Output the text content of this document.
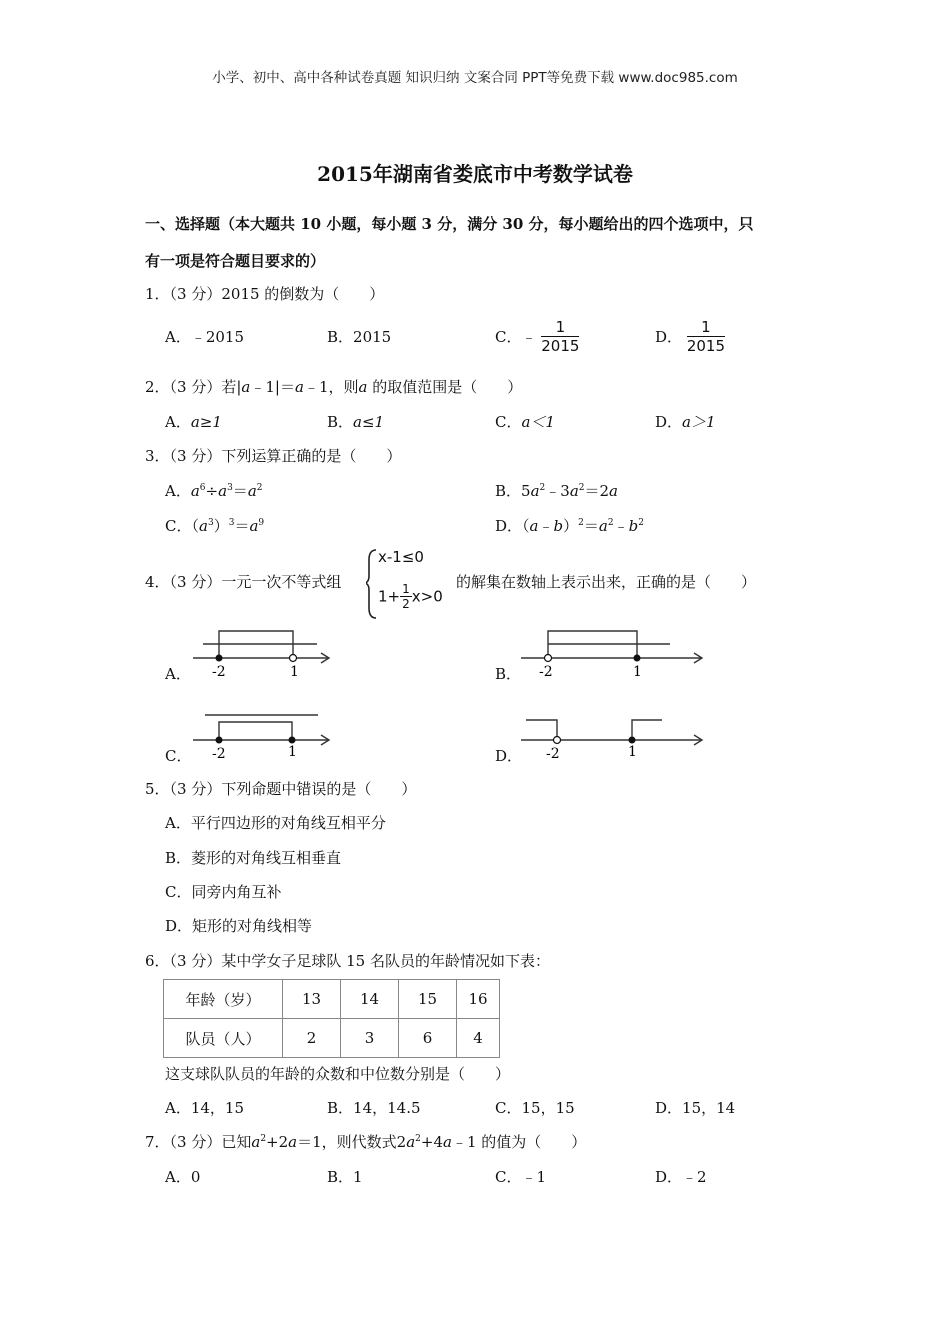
小学、初中、高中各种试卷真题 知识归纳 文案合同 PPT等免费下载 www.doc985.com
2015年湖南省娄底市中考数学试卷
一、选择题（本大题共 10 小题，每小题 3 分，满分 30 分，每小题给出的四个选项中，只
有一项是符合题目要求的）
1．（3 分）2015 的倒数为（　　）
A．﹣2015	B．2015	C．﹣ $\frac{1}{2015}$	D． $\frac{1}{2015}$
2．（3 分）若|a﹣1|＝a﹣1，则a 的取值范围是（　　）
A．a≥1	B．a≤1	C．a＜1	D．a＞1
3．（3 分）下列运算正确的是（　　）
A．$a^6\div a^3=a^2$	B．$5a^2﹣3a^2=2a$
C．$(a^3)^3=a^9$	D．$(a﹣b)^2=a^2﹣b^2$
4．（3 分）一元一次不等式组
x-1≤0
$1+ \frac{1}{2} x>0$
的解集在数轴上表示出来，正确的是（　　）
A． -2	1	B． -2	1
C． -2	1	D． -2	1
5．（3 分）下列命题中错误的是（　　）
A．平行四边形的对角线互相平分
B．菱形的对角线互相垂直
C．同旁内角互补
D．矩形的对角线相等
6．（3 分）某中学女子足球队 15 名队员的年龄情况如下表：
年龄（岁）	13	14	15	16
队员（人）	2	3	6	4
这支球队队员的年龄的众数和中位数分别是（　　）
A．14，15	B．14，14.5	C．15，15	D．15，14
7．（3 分）已知$a^2+2a=1$，则代数式$2a^2+4a﹣1$ 的值为（　　）
A．0	B．1	C．﹣1	D．﹣2
